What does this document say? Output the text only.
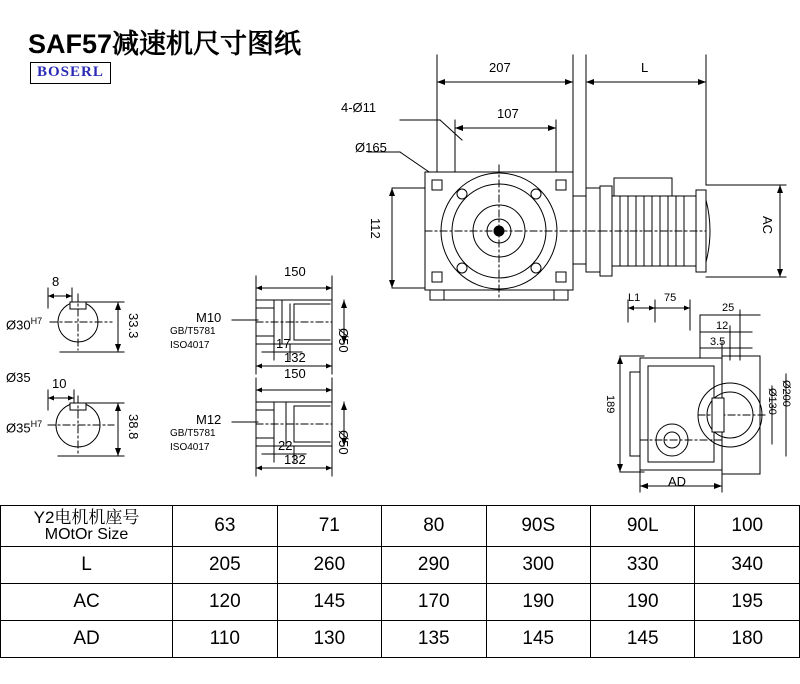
SAF57减速机尺寸图纸
BOSERL	207	L
4-Ø11	107
Ø165
112	AC
L1 75
25
12
3.5
189	Ø130 Ø200
AD
8
$Ø30^{H7}$	33.3
Ø35 10
$Ø35^{H7}$	38.8
150
M10
GB/T5781
ISO4017	17
132
Ø50
150
M12
GB/T5781
ISO4017	22
132
Ø50
Y2电机机座号
MOtOr Size	63	71	80	90S	90L	100
L	205	260	290	300	330	340
AC	120	145	170	190	190	195
AD	110	130	135	145	145	180
